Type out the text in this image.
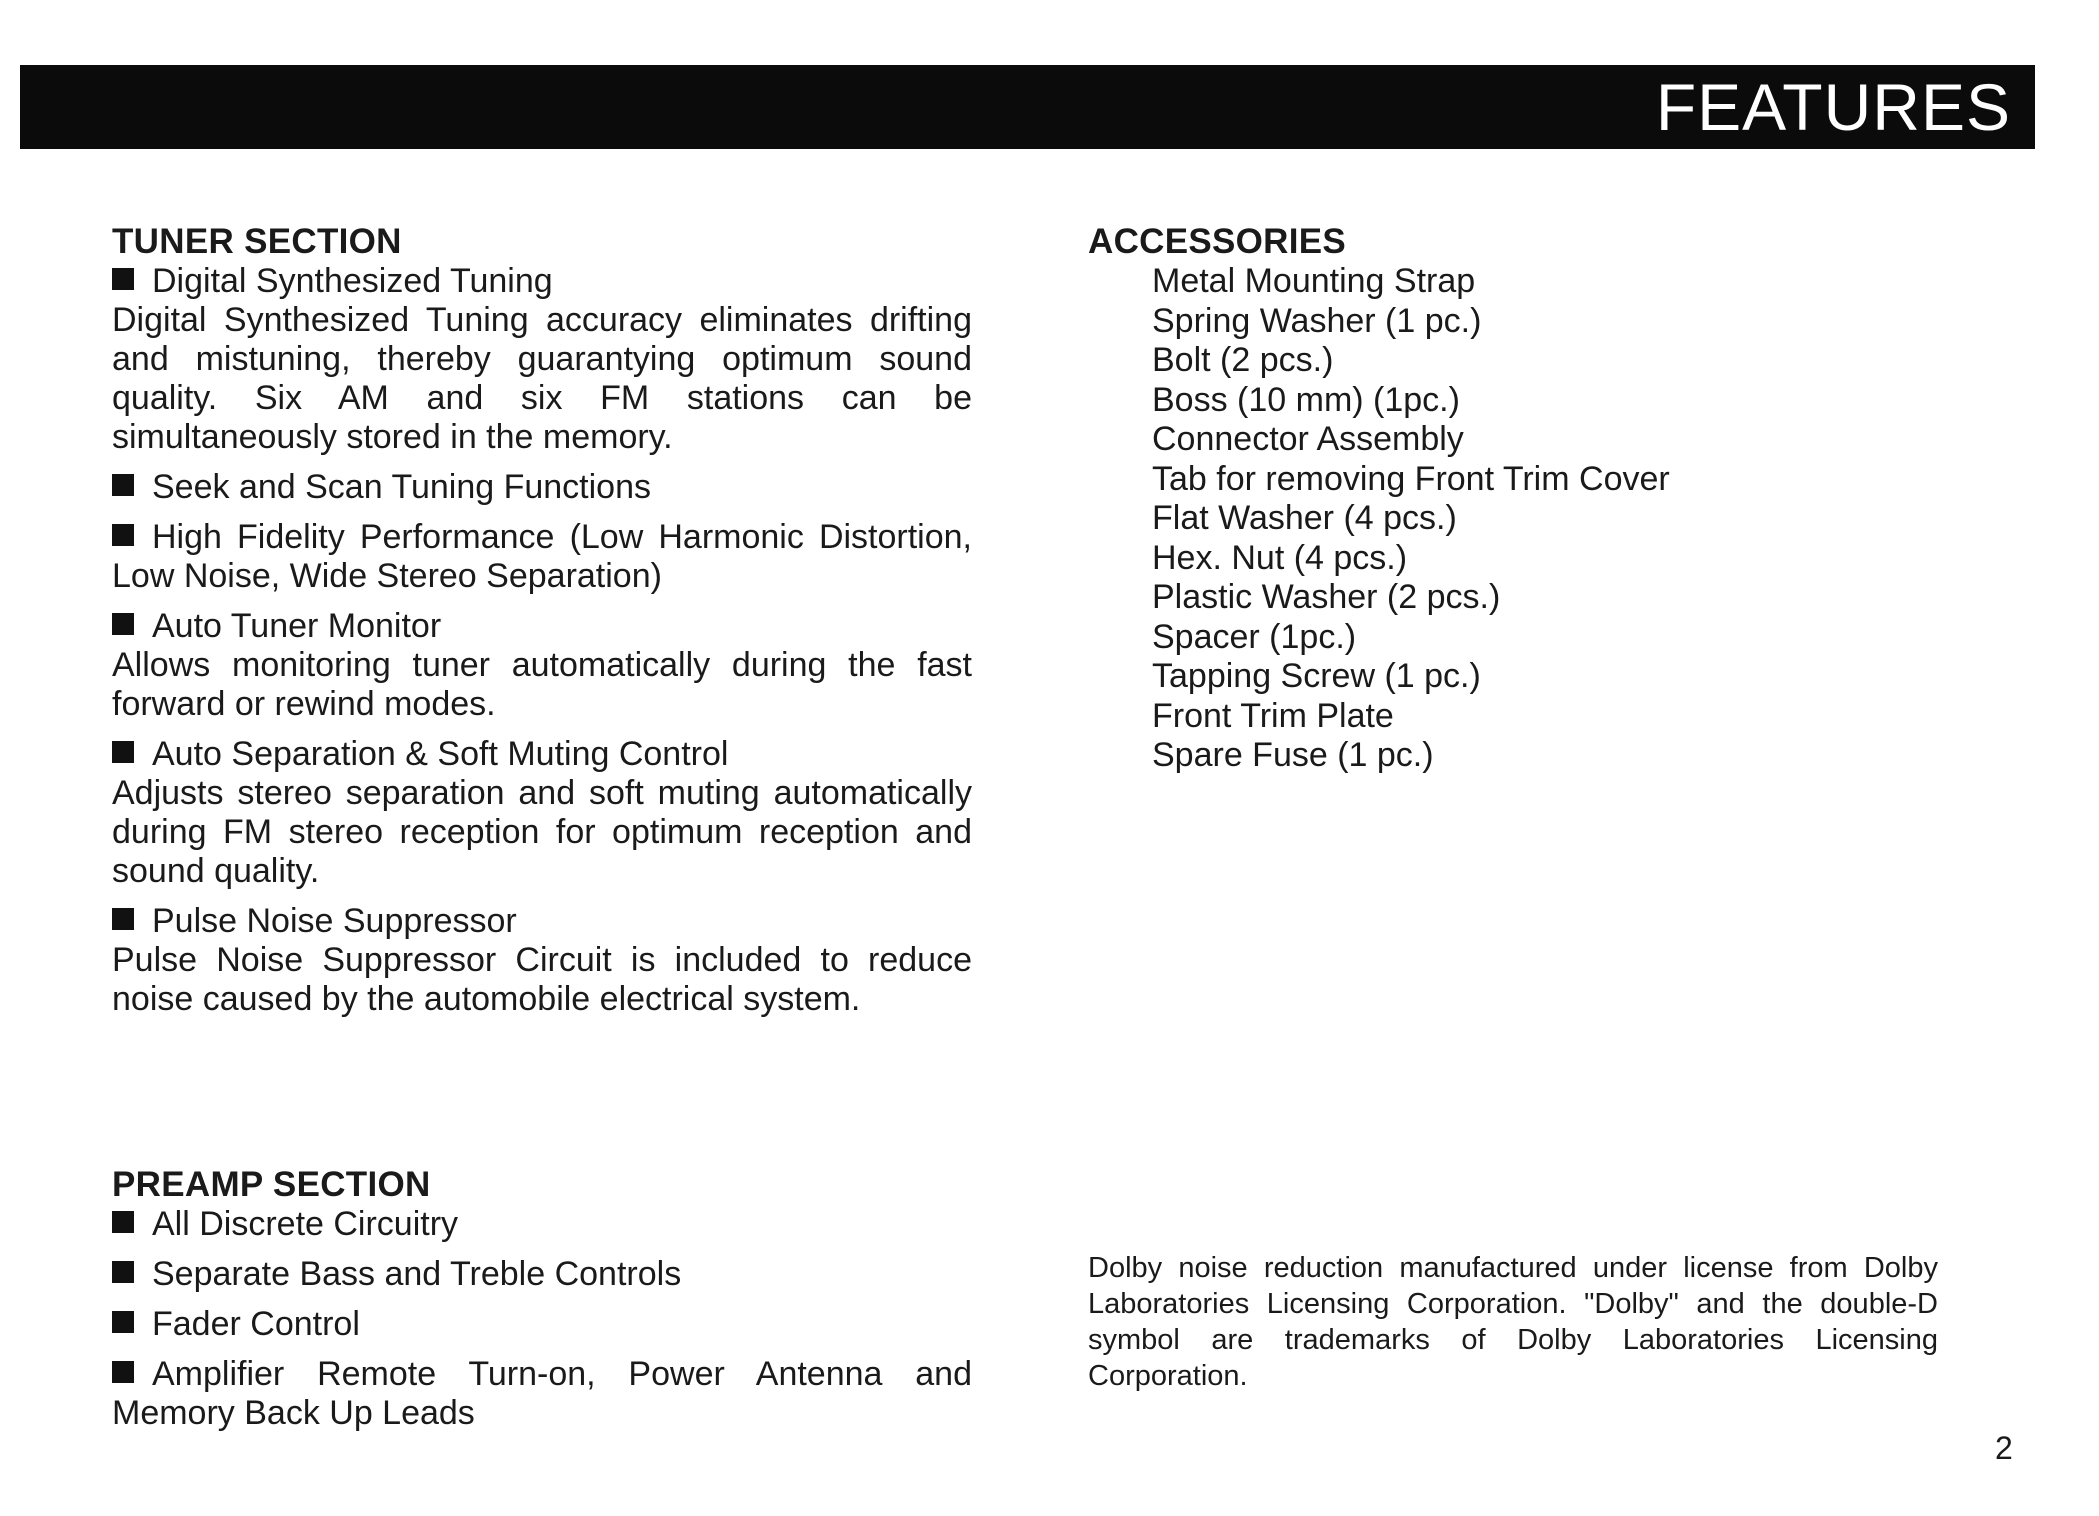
FEATURES
TUNER SECTION

Digital Synthesized Tuning
Digital Synthesized Tuning accuracy eliminates drifting and mistuning, thereby guarantying optimum sound quality. Six AM and six FM stations can be simultaneously stored in the memory.

Seek and Scan Tuning Functions

High Fidelity Performance (Low Harmonic Distortion, Low Noise, Wide Stereo Separation)

Auto Tuner Monitor
Allows monitoring tuner automatically during the fast forward or rewind modes.

Auto Separation & Soft Muting Control
Adjusts stereo separation and soft muting automatically during FM stereo reception for optimum reception and sound quality.

Pulse Noise Suppressor
Pulse Noise Suppressor Circuit is included to reduce noise caused by the automobile electrical system.

PREAMP SECTION

All Discrete Circuitry

Separate Bass and Treble Controls

Fader Control

Amplifier Remote Turn-on, Power Antenna and Memory Back Up Leads

ACCESSORIES
Metal Mounting Strap
Spring Washer (1 pc.)
Bolt (2 pcs.)
Boss (10 mm) (1pc.)
Connector Assembly
Tab for removing Front Trim Cover
Flat Washer (4 pcs.)
Hex. Nut (4 pcs.)
Plastic Washer (2 pcs.)
Spacer (1pc.)
Tapping Screw (1 pc.)
Front Trim Plate
Spare Fuse (1 pc.)
Dolby noise reduction manufactured under license from Dolby Laboratories Licensing Corporation. "Dolby" and the double-D symbol are trademarks of Dolby Laboratories Licensing Corporation.
2
